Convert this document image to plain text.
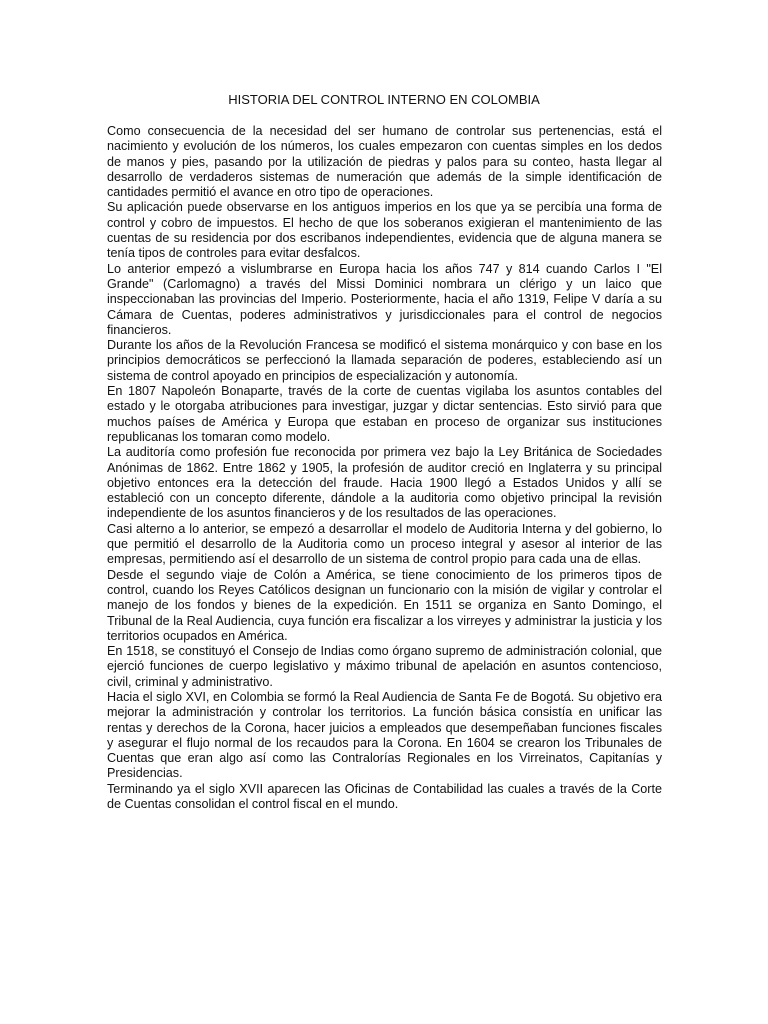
HISTORIA DEL CONTROL INTERNO EN COLOMBIA

Como consecuencia de la necesidad del ser humano de controlar sus pertenencias, está el nacimiento y evolución de los números, los cuales empezaron con cuentas simples en los dedos de manos y pies, pasando por la utilización de piedras y palos para su conteo, hasta llegar al desarrollo de verdaderos sistemas de numeración que además de la simple identificación de cantidades permitió el avance en otro tipo de operaciones.

Su aplicación puede observarse en los antiguos imperios en los que ya se percibía una forma de control y cobro de impuestos. El hecho de que los soberanos exigieran el mantenimiento de las cuentas de su residencia por dos escribanos independientes, evidencia que de alguna manera se tenía tipos de controles para evitar desfalcos.

Lo anterior empezó a vislumbrarse en Europa hacia los años 747 y 814 cuando Carlos I "El Grande" (Carlomagno) a través del Missi Dominici nombrara un clérigo y un laico que inspeccionaban las provincias del Imperio. Posteriormente, hacia el año 1319, Felipe V daría a su Cámara de Cuentas, poderes administrativos y jurisdiccionales para el control de negocios financieros.

Durante los años de la Revolución Francesa se modificó el sistema monárquico y con base en los principios democráticos se perfeccionó la llamada separación de poderes, estableciendo así un sistema de control apoyado en principios de especialización y autonomía.

En 1807 Napoleón Bonaparte, través de la corte de cuentas vigilaba los asuntos contables del estado y le otorgaba atribuciones para investigar, juzgar y dictar sentencias. Esto sirvió para que muchos países de América y Europa que estaban en proceso de organizar sus instituciones republicanas los tomaran como modelo.

La auditoría como profesión fue reconocida por primera vez bajo la Ley Británica de Sociedades Anónimas de 1862. Entre 1862 y 1905, la profesión de auditor creció en Inglaterra y su principal objetivo entonces era la detección del fraude. Hacia 1900 llegó a Estados Unidos y allí se estableció con un concepto diferente, dándole a la auditoria como objetivo principal la revisión independiente de los asuntos financieros y de los resultados de las operaciones.

Casi alterno a lo anterior, se empezó a desarrollar el modelo de Auditoria Interna y del gobierno, lo que permitió el desarrollo de la Auditoria como un proceso integral y asesor al interior de las empresas, permitiendo así el desarrollo de un sistema de control propio para cada una de ellas.

Desde el segundo viaje de Colón a América, se tiene conocimiento de los primeros tipos de control, cuando los Reyes Católicos designan un funcionario con la misión de vigilar y controlar el manejo de los fondos y bienes de la expedición. En 1511 se organiza en Santo Domingo, el Tribunal de la Real Audiencia, cuya función era fiscalizar a los virreyes y administrar la justicia y los territorios ocupados en América.

En 1518, se constituyó el Consejo de Indias como órgano supremo de administración colonial, que ejerció funciones de cuerpo legislativo y máximo tribunal de apelación en asuntos contencioso, civil, criminal y administrativo.

Hacia el siglo XVI, en Colombia se formó la Real Audiencia de Santa Fe de Bogotá. Su objetivo era mejorar la administración y controlar los territorios. La función básica consistía en unificar las rentas y derechos de la Corona, hacer juicios a empleados que desempeñaban funciones fiscales y asegurar el flujo normal de los recaudos para la Corona. En 1604 se crearon los Tribunales de Cuentas que eran algo así como las Contralorías Regionales en los Virreinatos, Capitanías y Presidencias.

Terminando ya el siglo XVII aparecen las Oficinas de Contabilidad las cuales a través de la Corte de Cuentas consolidan el control fiscal en el mundo.
